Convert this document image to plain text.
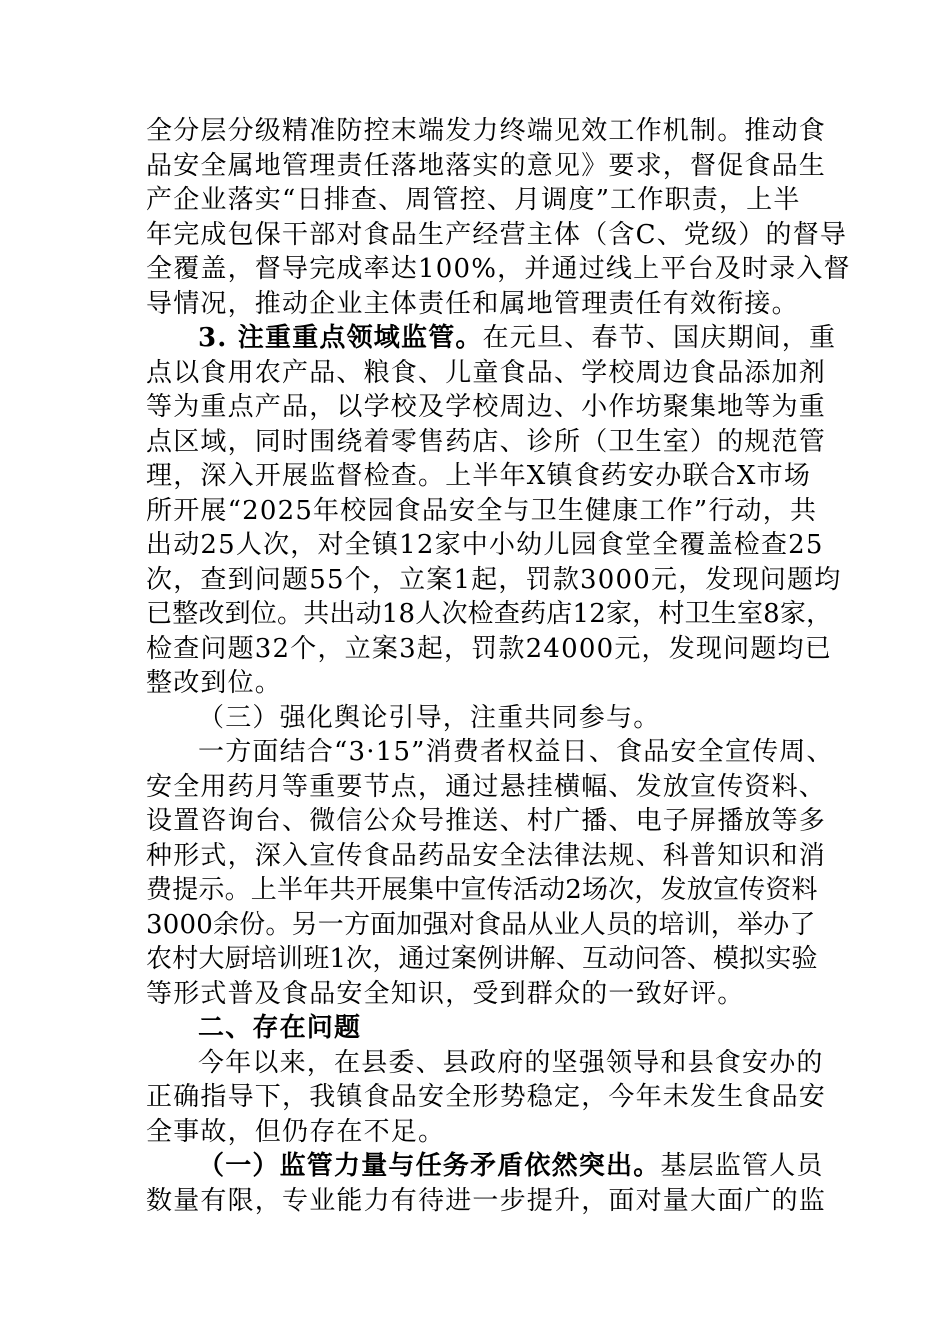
全分层分级精准防控末端发力终端见效工作机制。推动食
品安全属地管理责任落地落实的意见》要求，督促食品生
产企业落实“日排查、周管控、月调度”工作职责，上半
年完成包保干部对食品生产经营主体（含C、党级）的督导
全覆盖，督导完成率达100%，并通过线上平台及时录入督
导情况，推动企业主体责任和属地管理责任有效衔接。
3. 注重重点领域监管。在元旦、春节、国庆期间，重
点以食用农产品、粮食、儿童食品、学校周边食品添加剂
等为重点产品，以学校及学校周边、小作坊聚集地等为重
点区域，同时围绕着零售药店、诊所（卫生室）的规范管
理，深入开展监督检查。上半年X镇食药安办联合X市场
所开展“2025年校园食品安全与卫生健康工作”行动，共
出动25人次，对全镇12家中小幼儿园食堂全覆盖检查25
次，查到问题55个，立案1起，罚款3000元，发现问题均
已整改到位。共出动18人次检查药店12家，村卫生室8家，
检查问题32个，立案3起，罚款24000元，发现问题均已
整改到位。
（三）强化舆论引导，注重共同参与。
一方面结合“3·15”消费者权益日、食品安全宣传周、
安全用药月等重要节点，通过悬挂横幅、发放宣传资料、
设置咨询台、微信公众号推送、村广播、电子屏播放等多
种形式，深入宣传食品药品安全法律法规、科普知识和消
费提示。上半年共开展集中宣传活动2场次，发放宣传资料
3000余份。另一方面加强对食品从业人员的培训，举办了
农村大厨培训班1次，通过案例讲解、互动问答、模拟实验
等形式普及食品安全知识，受到群众的一致好评。
二、存在问题
今年以来，在县委、县政府的坚强领导和县食安办的
正确指导下，我镇食品安全形势稳定，今年未发生食品安
全事故，但仍存在不足。
（一）监管力量与任务矛盾依然突出。基层监管人员
数量有限，专业能力有待进一步提升，面对量大面广的监
